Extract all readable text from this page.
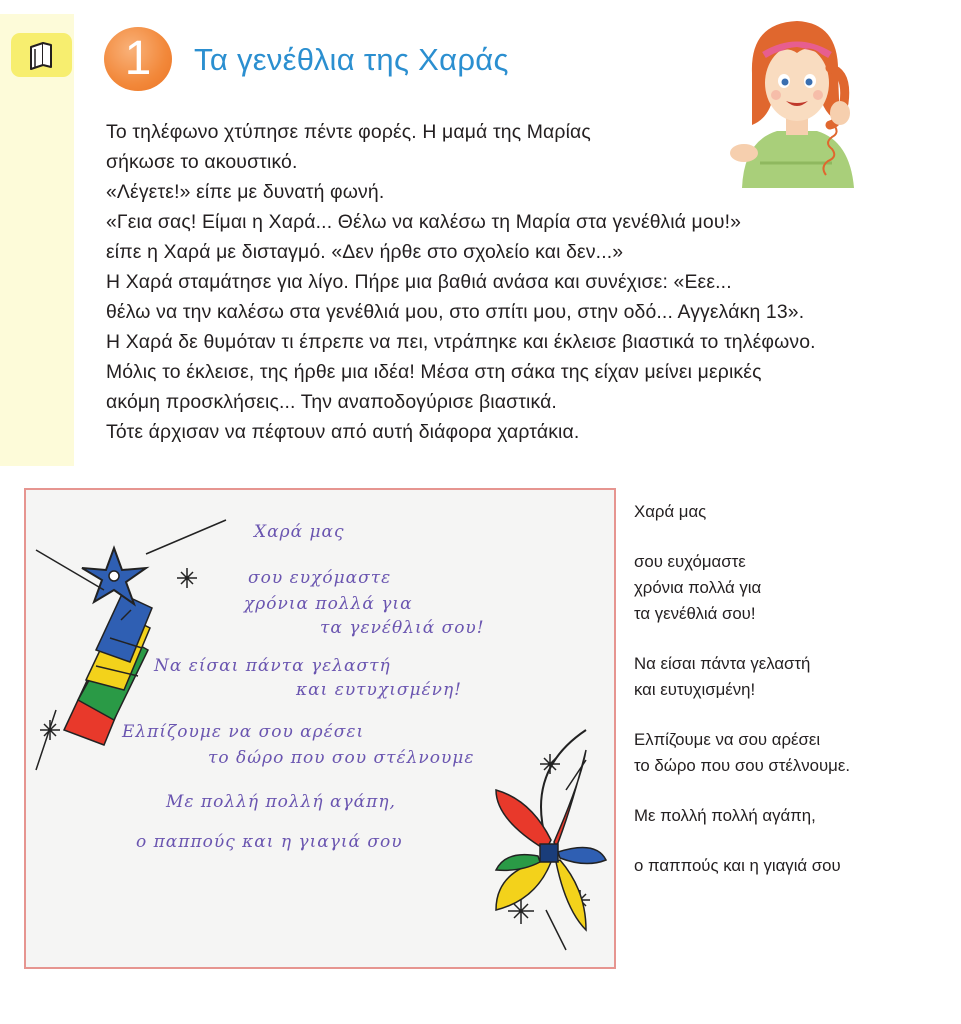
1	Τα γενέθλια της Χαράς

Το τηλέφωνο χτύπησε πέντε φορές. Η μαμά της Μαρίας

σήκωσε το ακουστικό.

«Λέγετε!» είπε με δυνατή φωνή.

«Γεια σας! Είμαι η Χαρά... Θέλω να καλέσω τη Μαρία στα γενέθλιά μου!»

είπε η Χαρά με δισταγμό. «Δεν ήρθε στο σχολείο και δεν...»

Η Χαρά σταμάτησε για λίγο. Πήρε μια βαθιά ανάσα και συνέχισε: «Εεε...

θέλω να την καλέσω στα γενέθλιά μου, στο σπίτι μου, στην οδό... Αγγελάκη 13».

Η Χαρά δε θυμόταν τι έπρεπε να πει, ντράπηκε και έκλεισε βιαστικά το τηλέφωνο.

Μόλις το έκλεισε, της ήρθε μια ιδέα! Μέσα στη σάκα της είχαν μείνει μερικές

ακόμη προσκλήσεις... Την αναποδογύρισε βιαστικά.

Τότε άρχισαν να πέφτουν από αυτή διάφορα χαρτάκια.

Χαρά μας
σου ευχόμαστε
χρόνια πολλά για
τα γενέθλιά σου!
Να είσαι πάντα γελαστή
και ευτυχισμένη!
Ελπίζουμε να σου αρέσει
το δώρο που σου στέλνουμε
Με πολλή πολλή αγάπη,
ο παππούς και η γιαγιά σου
Χαρά μας
σου ευχόμαστε
χρόνια πολλά για
τα γενέθλιά σου!
Να είσαι πάντα γελαστή
και ευτυχισμένη!
Ελπίζουμε να σου αρέσει
το δώρο που σου στέλνουμε.
Με πολλή πολλή αγάπη,
ο παππούς και η γιαγιά σου
